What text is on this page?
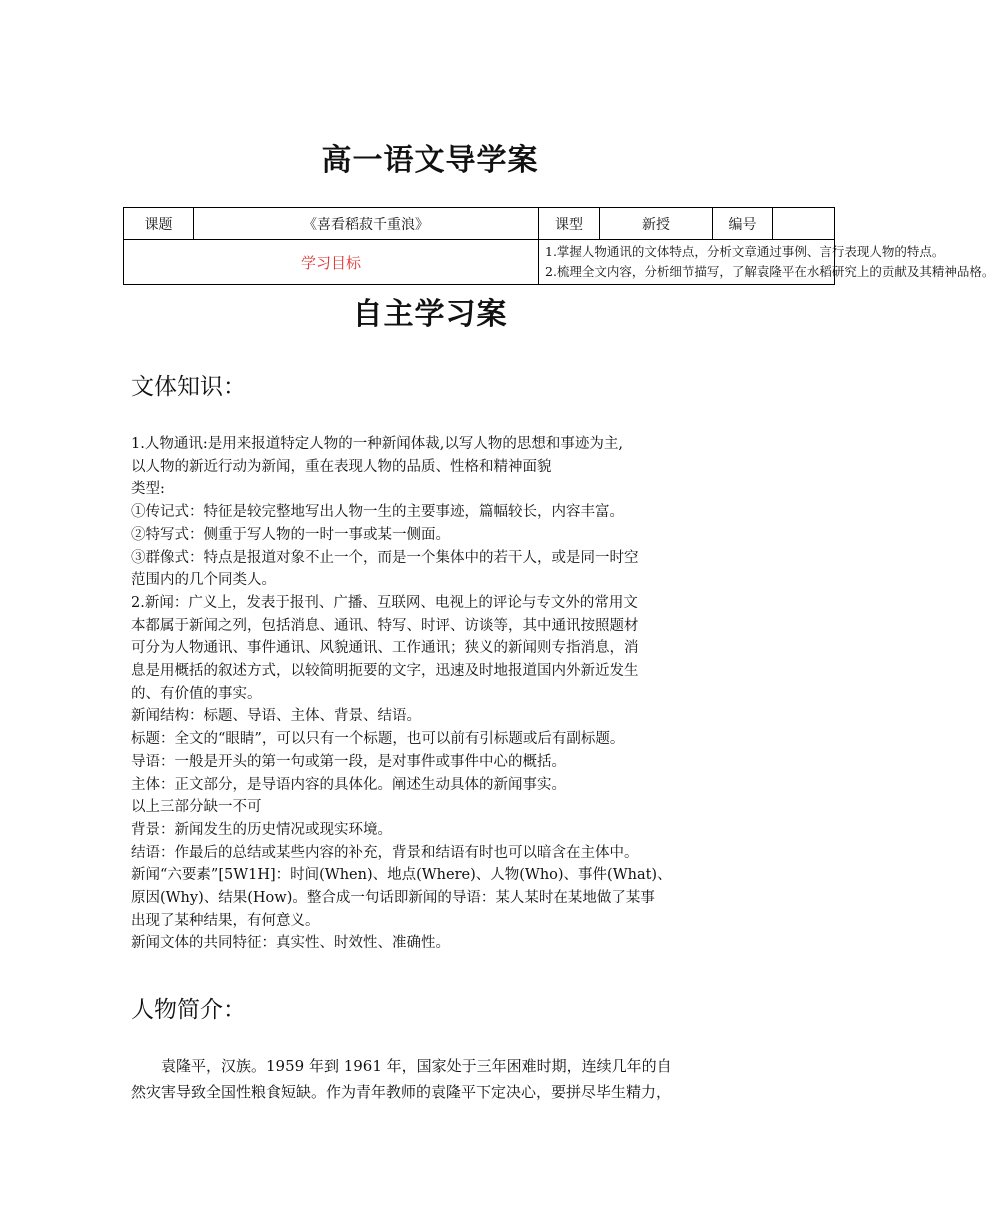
高一语文导学案
课题	《喜看稻菽千重浪》	课型	新授	编号	
学习目标		1.掌握人物通讯的文体特点，分析文章通过事例、言行表现人物的特点。
2.梳理全文内容，分析细节描写，了解袁隆平在水稻研究上的贡献及其精神品格。			
自主学习案
文体知识：

1.人物通讯:是用来报道特定人物的一种新闻体裁,以写人物的思想和事迹为主,

以人物的新近行动为新闻，重在表现人物的品质、性格和精神面貌

类型:

①传记式：特征是较完整地写出人物一生的主要事迹，篇幅较长，内容丰富。

②特写式：侧重于写人物的一时一事或某一侧面。

③群像式：特点是报道对象不止一个，而是一个集体中的若干人，或是同一时空

范围内的几个同类人。

2.新闻：广义上，发表于报刊、广播、互联网、电视上的评论与专文外的常用文

本都属于新闻之列，包括消息、通讯、特写、时评、访谈等，其中通讯按照题材

可分为人物通讯、事件通讯、风貌通讯、工作通讯；狭义的新闻则专指消息，消

息是用概括的叙述方式，以较简明扼要的文字，迅速及时地报道国内外新近发生

的、有价值的事实。

新闻结构：标题、导语、主体、背景、结语。

标题：全文的“眼睛”，可以只有一个标题，也可以前有引标题或后有副标题。

导语：一般是开头的第一句或第一段，是对事件或事件中心的概括。

主体：正文部分，是导语内容的具体化。阐述生动具体的新闻事实。

以上三部分缺一不可

背景：新闻发生的历史情况或现实环境。

结语：作最后的总结或某些内容的补充，背景和结语有时也可以暗含在主体中。

新闻“六要素”[5W1H]：时间(When)、地点(Where)、人物(Who)、事件(What)、

原因(Why)、结果(How)。整合成一句话即新闻的导语：某人某时在某地做了某事

出现了某种结果，有何意义。

新闻文体的共同特征：真实性、时效性、准确性。

人物简介：

　　袁隆平，汉族。1959 年到 1961 年，国家处于三年困难时期，连续几年的自

然灾害导致全国性粮食短缺。作为青年教师的袁隆平下定决心，要拼尽毕生精力，
